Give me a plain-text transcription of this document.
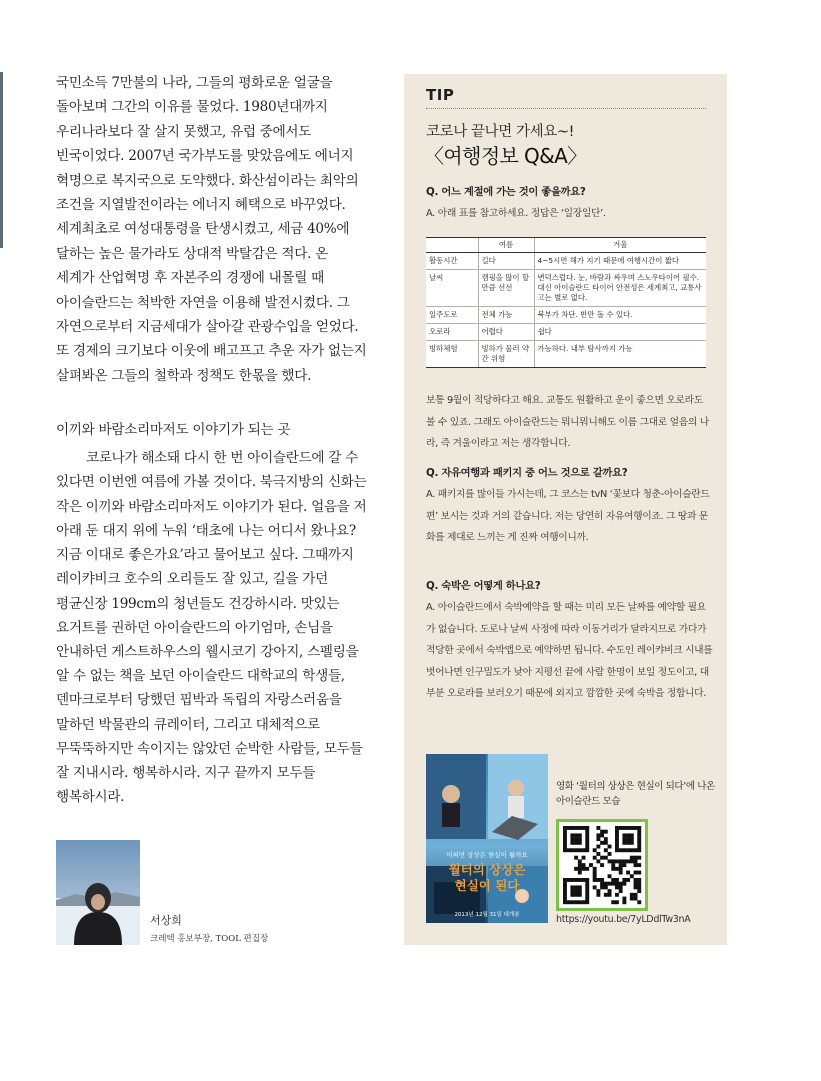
국민소득 7만불의 나라, 그들의 평화로운 얼굴을 돌아보며 그간의 이유를 물었다. 1980년대까지 우리나라보다 잘 살지 못했고, 유럽 중에서도 빈국이었다. 2007년 국가부도를 맞았음에도 에너지 혁명으로 복지국으로 도약했다. 화산섬이라는 최악의 조건을 지열발전이라는 에너지 혜택으로 바꾸었다. 세계최초로 여성대통령을 탄생시켰고, 세금 40%에 달하는 높은 물가라도 상대적 박탈감은 적다. 온 세계가 산업혁명 후 자본주의 경쟁에 내몰릴 때 아이슬란드는 척박한 자연을 이용해 발전시켰다. 그 자연으로부터 지금세대가 살아갈 관광수입을 얻었다. 또 경제의 크기보다 이웃에 배고프고 추운 자가 없는지 살펴봐온 그들의 철학과 정책도 한몫을 했다.

이끼와 바람소리마저도 이야기가 되는 곳

코로나가 해소돼 다시 한 번 아이슬란드에 갈 수 있다면 이번엔 여름에 가볼 것이다. 북극지방의 신화는 작은 이끼와 바람소리마저도 이야기가 된다. 얼음을 저 아래 둔 대지 위에 누워 ‘태초에 나는 어디서 왔나요? 지금 이대로 좋은가요’라고 물어보고 싶다. 그때까지 레이캬비크 호수의 오리들도 잘 있고, 길을 가던 평균신장 199cm의 청년들도 건강하시라. 맛있는 요거트를 권하던 아이슬란드의 아기엄마, 손님을 안내하던 게스트하우스의 웰시코기 강아지, 스펠링을 알 수 없는 책을 보던 아이슬란드 대학교의 학생들, 덴마크로부터 당했던 핍박과 독립의 자랑스러움을 말하던 박물관의 큐레이터, 그리고 대체적으로 무뚝뚝하지만 속이지는 않았던 순박한 사람들, 모두들 잘 지내시라. 행복하시라. 지구 끝까지 모두들 행복하시라.

서상희

크레텍 홍보부장, TOOL 편집장

TIP

코로나 끝나면 가세요~!

〈여행정보 Q&A〉

Q. 어느 계절에 가는 것이 좋을까요?

A. 아래 표를 참고하세요. 정답은 ‘일장일단’.

	여름	겨울
활동시간	길다	4~5시면 해가 지기 때문에 여행시간이 짧다
날씨	캠핑을 많이 할만큼 선선	변덕스럽다. 눈, 바람과 싸우며 스노우타이어 필수. 대신 아이슬란드 타이어 안전성은 세계최고, 교통사고는 별로 없다.
일주도로	전체 가능	북부가 차단. 반만 돌 수 있다.
오로라	어렵다	쉽다
빙하체험	빙하가 물러 약간 위험	가능하다. 내부 탐사까지 가능

보통 9월이 적당하다고 해요. 교통도 원활하고 운이 좋으면 오로라도 볼 수 있죠. 그래도 아이슬란드는 뭐니뭐니해도 이름 그대로 얼음의 나라, 즉 겨울이라고 저는 생각합니다.

Q. 자유여행과 패키지 중 어느 것으로 갈까요?

A. 패키지를 많이들 가시는데, 그 코스는 tvN ‘꽃보다 청춘-아이슬란드 편’ 보시는 것과 거의 같습니다. 저는 당연히 자유여행이죠. 그 땅과 문화를 제대로 느끼는 게 진짜 여행이니까.

Q. 숙박은 어떻게 하나요?

A. 아이슬란드에서 숙박예약을 할 때는 미리 모든 날짜를 예약할 필요가 없습니다. 도로나 날씨 사정에 따라 이동거리가 달라지므로 가다가 적당한 곳에서 숙박앱으로 예약하면 됩니다. 수도인 레이캬비크 시내를 벗어나면 인구밀도가 낮아 지평선 끝에 사람 한명이 보일 정도이고, 대부분 오로라를 보러오기 때문에 외지고 깜깜한 곳에 숙박을 정합니다.

어쩌면 상상은 현실이 될까요

월터의 상상은

현실이 된다

2013년 12월 31일 대개봉

영화 ‘월터의 상상은 현실이 되다’에 나온 아이슬란드 모습

https://youtu.be/7yLDdlTw3nA
